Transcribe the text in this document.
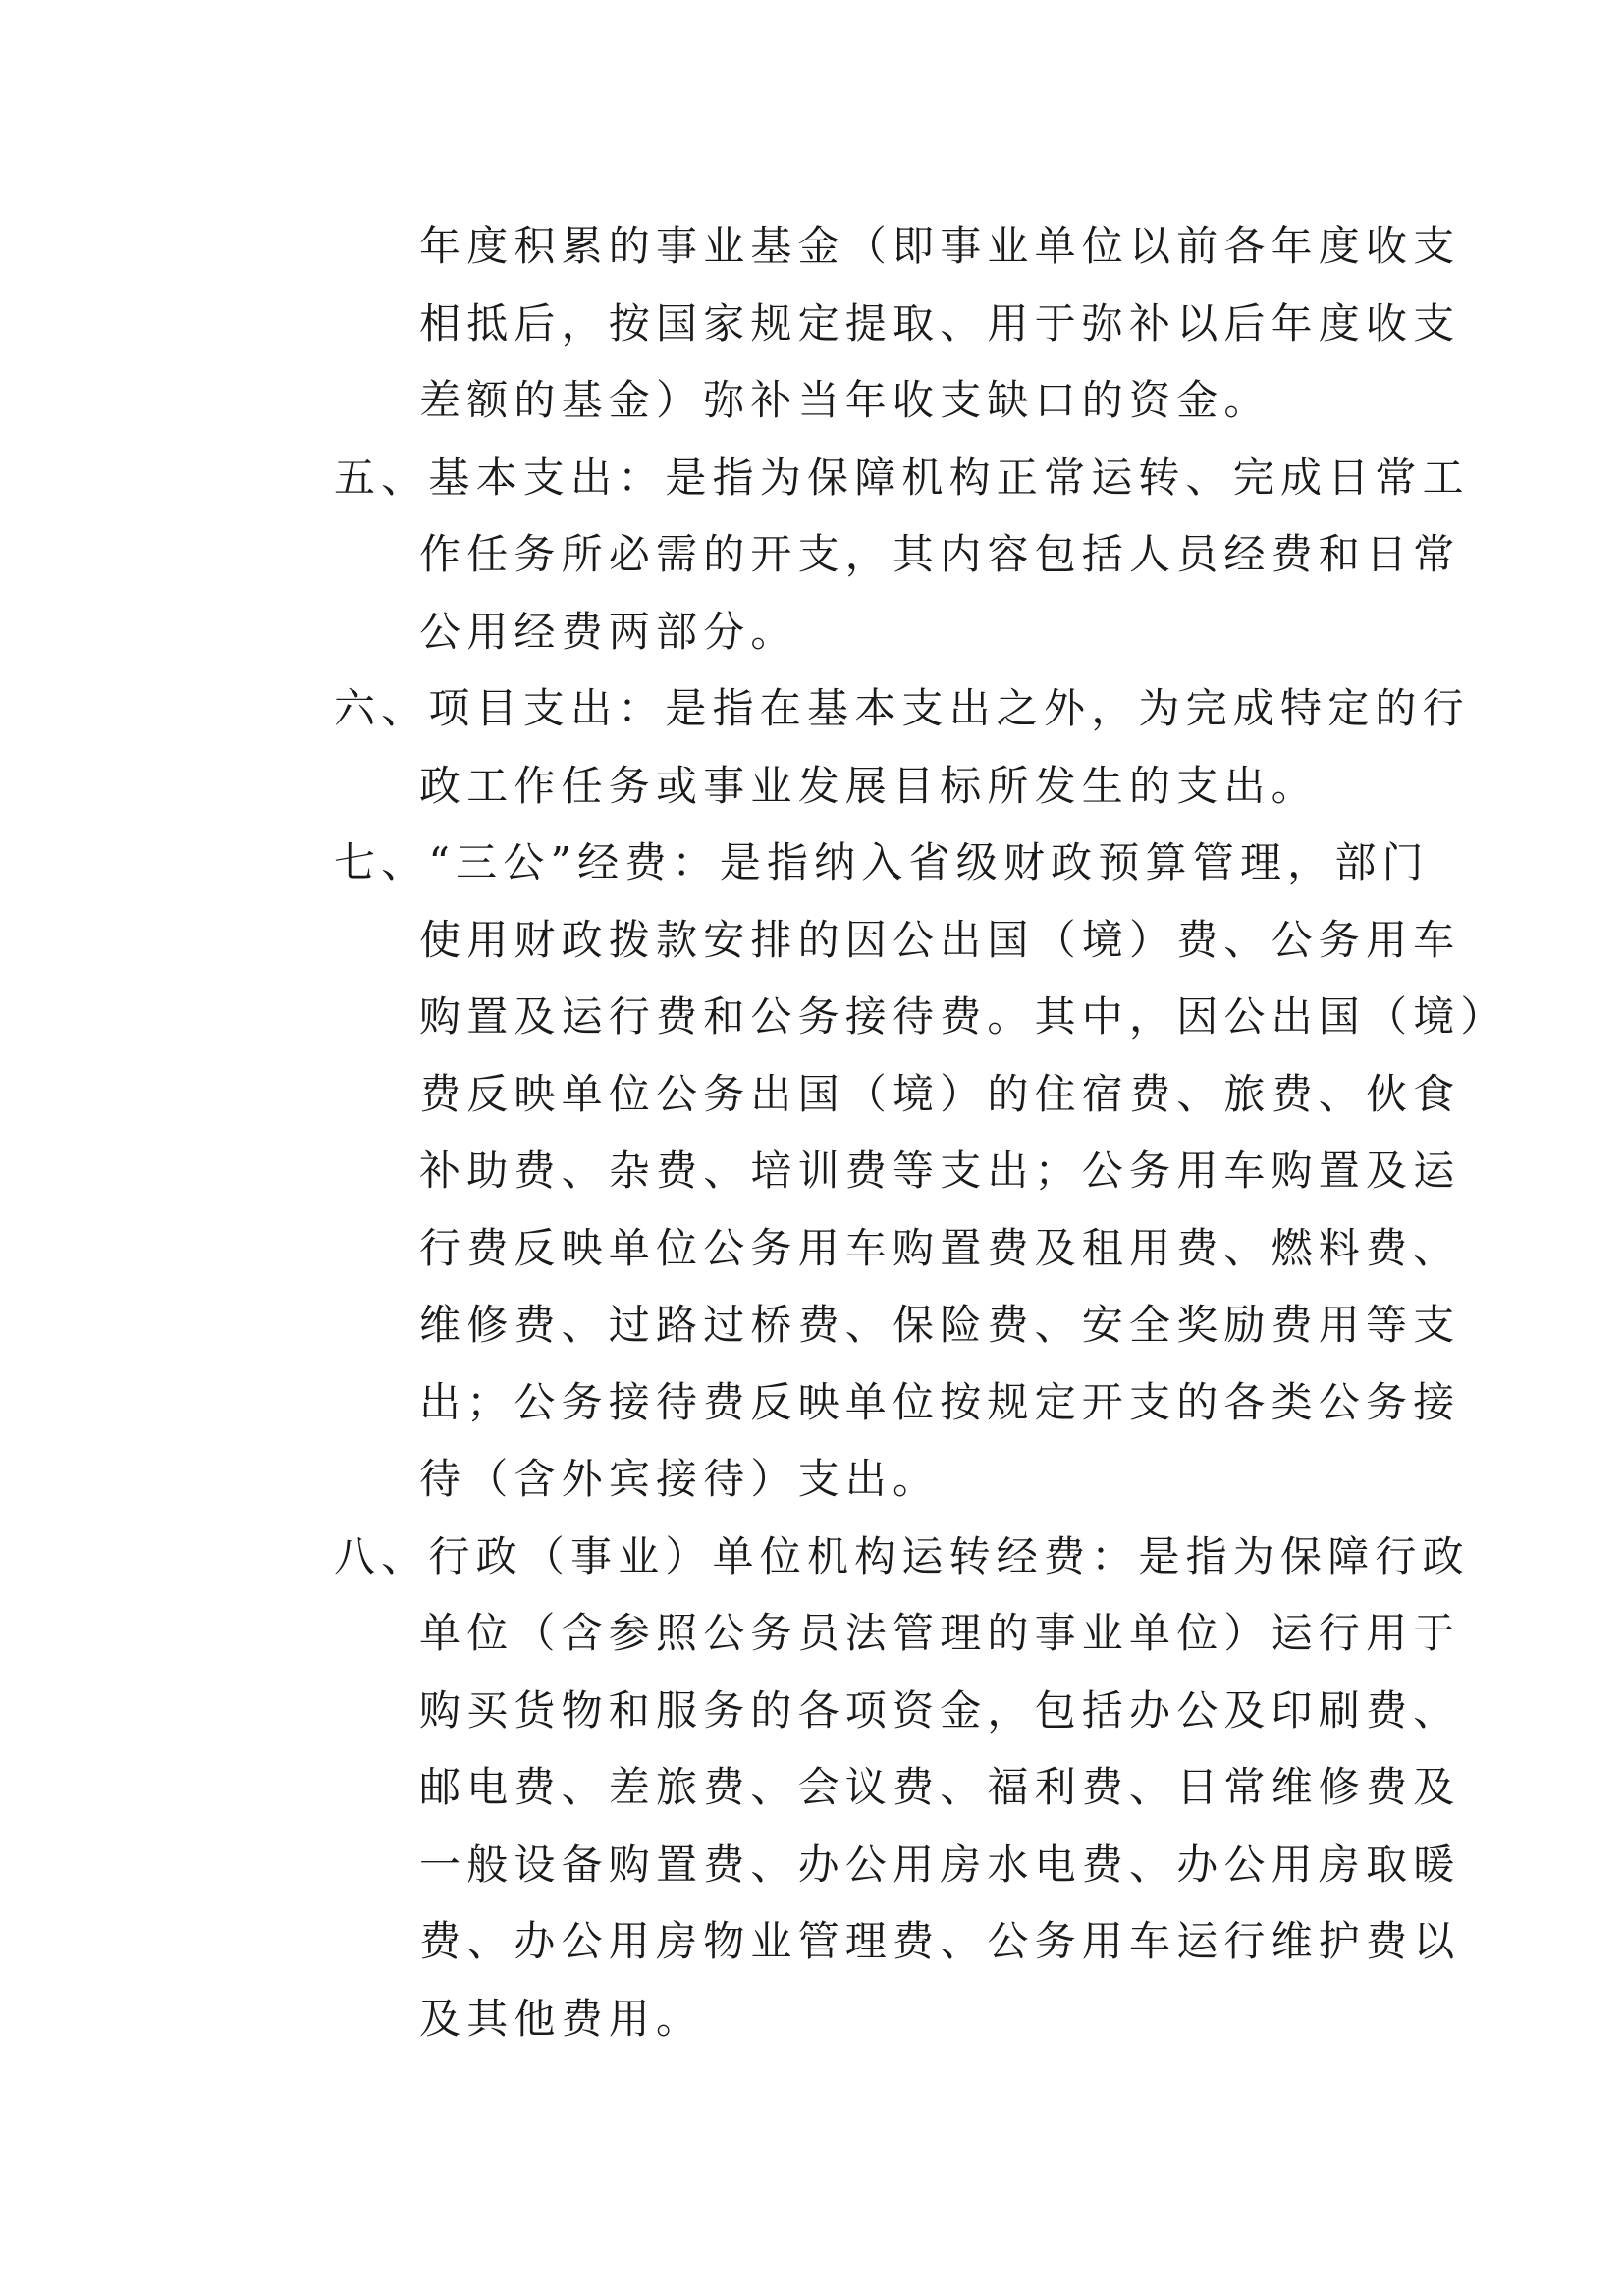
年度积累的事业基金（即事业单位以前各年度收支
相抵后，按国家规定提取、用于弥补以后年度收支
差额的基金）弥补当年收支缺口的资金。
五、基本支出：是指为保障机构正常运转、完成日常工
作任务所必需的开支，其内容包括人员经费和日常
公用经费两部分。
六、项目支出：是指在基本支出之外，为完成特定的行
政工作任务或事业发展目标所发生的支出。
七、“三公”经费：是指纳入省级财政预算管理，部门
使用财政拨款安排的因公出国（境）费、公务用车
购置及运行费和公务接待费。其中，因公出国（境）
费反映单位公务出国（境）的住宿费、旅费、伙食
补助费、杂费、培训费等支出；公务用车购置及运
行费反映单位公务用车购置费及租用费、燃料费、
维修费、过路过桥费、保险费、安全奖励费用等支
出；公务接待费反映单位按规定开支的各类公务接
待（含外宾接待）支出。
八、行政（事业）单位机构运转经费：是指为保障行政
单位（含参照公务员法管理的事业单位）运行用于
购买货物和服务的各项资金，包括办公及印刷费、
邮电费、差旅费、会议费、福利费、日常维修费及
一般设备购置费、办公用房水电费、办公用房取暖
费、办公用房物业管理费、公务用车运行维护费以
及其他费用。
